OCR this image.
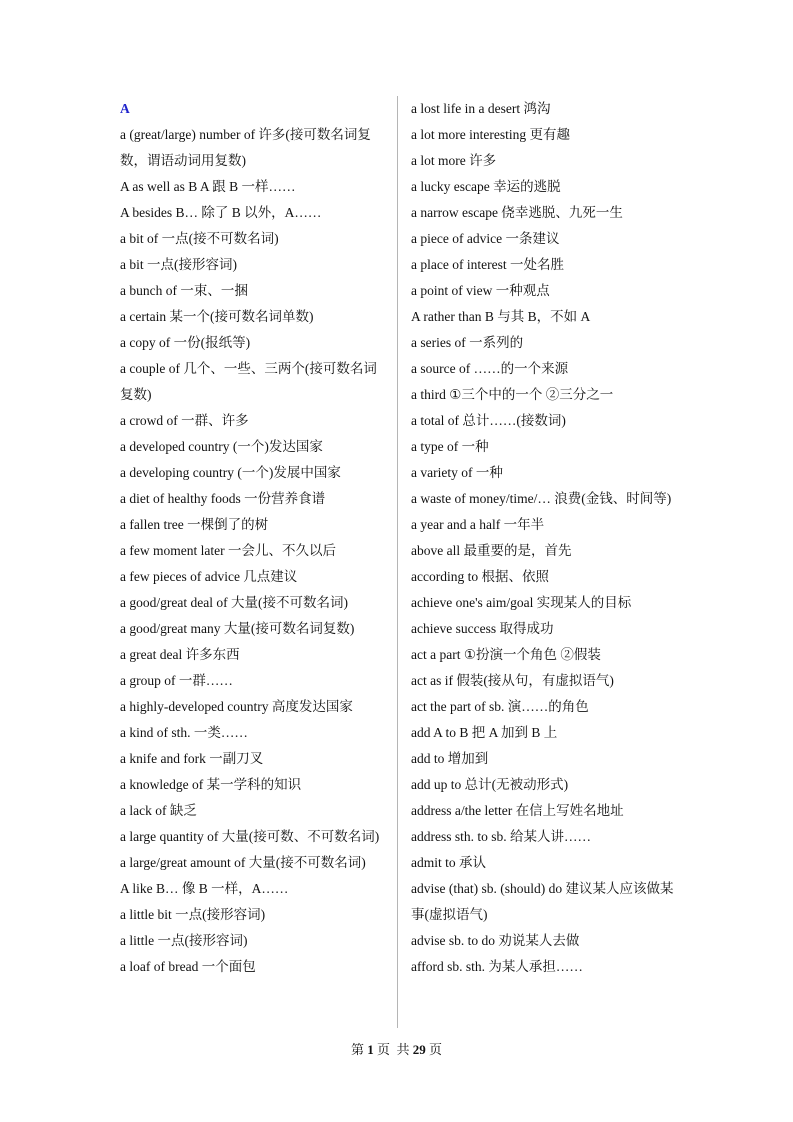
A
a (great/large) number of 许多(接可数名词复数，谓语动词用复数)
A as well as B A 跟 B 一样……
A besides B… 除了 B 以外，A……
a bit of 一点(接不可数名词)
a bit 一点(接形容词)
a bunch of 一束、一捆
a certain 某一个(接可数名词单数)
a copy of 一份(报纸等)
a couple of 几个、一些、三两个(接可数名词复数)
a crowd of 一群、许多
a developed country (一个)发达国家
a developing country (一个)发展中国家
a diet of healthy foods 一份营养食谱
a fallen tree 一棵倒了的树
a few moment later 一会儿、不久以后
a few pieces of advice 几点建议
a good/great deal of 大量(接不可数名词)
a good/great many 大量(接可数名词复数)
a great deal 许多东西
a group of 一群……
a highly-developed country 高度发达国家
a kind of sth. 一类……
a knife and fork 一副刀叉
a knowledge of 某一学科的知识
a lack of 缺乏
a large quantity of 大量(接可数、不可数名词)
a large/great amount of 大量(接不可数名词)
A like B… 像 B 一样，A……
a little bit 一点(接形容词)
a little 一点(接形容词)
a loaf of bread 一个面包
a lost life in a desert 鸿沟
a lot more interesting 更有趣
a lot more 许多
a lucky escape 幸运的逃脱
a narrow escape 侥幸逃脱、九死一生
a piece of advice 一条建议
a place of interest 一处名胜
a point of view 一种观点
A rather than B 与其 B，不如 A
a series of 一系列的
a source of ……的一个来源
a third ①三个中的一个 ②三分之一
a total of 总计……(接数词)
a type of 一种
a variety of 一种
a waste of money/time/… 浪费(金钱、时间等)
a year and a half 一年半
above all 最重要的是，首先
according to 根据、依照
achieve one's aim/goal 实现某人的目标
achieve success 取得成功
act a part ①扮演一个角色 ②假装
act as if 假装(接从句，有虚拟语气)
act the part of sb. 演……的角色
add A to B 把 A 加到 B 上
add to 增加到
add up to 总计(无被动形式)
address a/the letter 在信上写姓名地址
address sth. to sb. 给某人讲……
admit to 承认
advise (that) sb. (should) do 建议某人应该做某事(虚拟语气)
advise sb. to do 劝说某人去做
afford sb. sth. 为某人承担……
第 1 页  共 29 页
